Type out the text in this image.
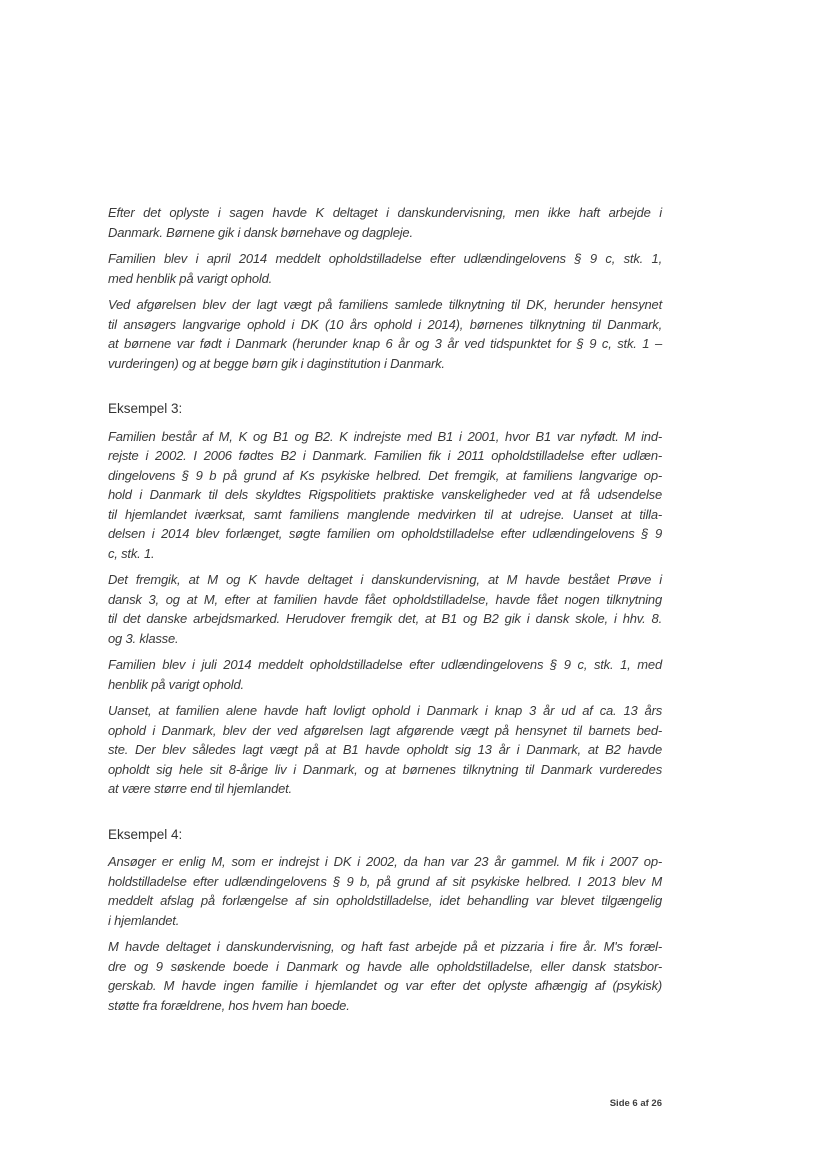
Efter det oplyste i sagen havde K deltaget i danskundervisning, men ikke haft arbejde i
Danmark. Børnene gik i dansk børnehave og dagpleje.
Familien blev i april 2014 meddelt opholdstilladelse efter udlændingelovens § 9 c, stk. 1,
med henblik på varigt ophold.
Ved afgørelsen blev der lagt vægt på familiens samlede tilknytning til DK, herunder hensynet
til ansøgers langvarige ophold i DK (10 års ophold i 2014), børnenes tilknytning til Danmark,
at børnene var født i Danmark (herunder knap 6 år og 3 år ved tidspunktet for § 9 c, stk. 1 –
vurderingen) og at begge børn gik i daginstitution i Danmark.
Eksempel 3:
Familien består af M, K og B1 og B2. K indrejste med B1 i 2001, hvor B1 var nyfødt. M ind-
rejste i 2002. I 2006 fødtes B2 i Danmark. Familien fik i 2011 opholdstilladelse efter udlæn-
dingelovens § 9 b på grund af Ks psykiske helbred. Det fremgik, at familiens langvarige op-
hold i Danmark til dels skyldtes Rigspolitiets praktiske vanskeligheder ved at få udsendelse
til hjemlandet iværksat, samt familiens manglende medvirken til at udrejse. Uanset at tilla-
delsen i 2014 blev forlænget, søgte familien om opholdstilladelse efter udlændingelovens § 9
c, stk. 1.
Det fremgik, at M og K havde deltaget i danskundervisning, at M havde bestået Prøve i
dansk 3, og at M, efter at familien havde fået opholdstilladelse, havde fået nogen tilknytning
til det danske arbejdsmarked. Herudover fremgik det, at B1 og B2 gik i dansk skole, i hhv. 8.
og 3. klasse.
Familien blev i juli 2014 meddelt opholdstilladelse efter udlændingelovens § 9 c, stk. 1, med
henblik på varigt ophold.
Uanset, at familien alene havde haft lovligt ophold i Danmark i knap 3 år ud af ca. 13 års
ophold i Danmark, blev der ved afgørelsen lagt afgørende vægt på hensynet til barnets bed-
ste. Der blev således lagt vægt på at B1 havde opholdt sig 13 år i Danmark, at B2 havde
opholdt sig hele sit 8-årige liv i Danmark, og at børnenes tilknytning til Danmark vurderedes
at være større end til hjemlandet.
Eksempel 4:
Ansøger er enlig M, som er indrejst i DK i 2002, da han var 23 år gammel. M fik i 2007 op-
holdstilladelse efter udlændingelovens § 9 b, på grund af sit psykiske helbred. I 2013 blev M
meddelt afslag på forlængelse af sin opholdstilladelse, idet behandling var blevet tilgængelig
i hjemlandet.
M havde deltaget i danskundervisning, og haft fast arbejde på et pizzaria i fire år. M's foræl-
dre og 9 søskende boede i Danmark og havde alle opholdstilladelse, eller dansk statsbor-
gerskab. M havde ingen familie i hjemlandet og var efter det oplyste afhængig af (psykisk)
støtte fra forældrene, hos hvem han boede.
Side 6 af 26
